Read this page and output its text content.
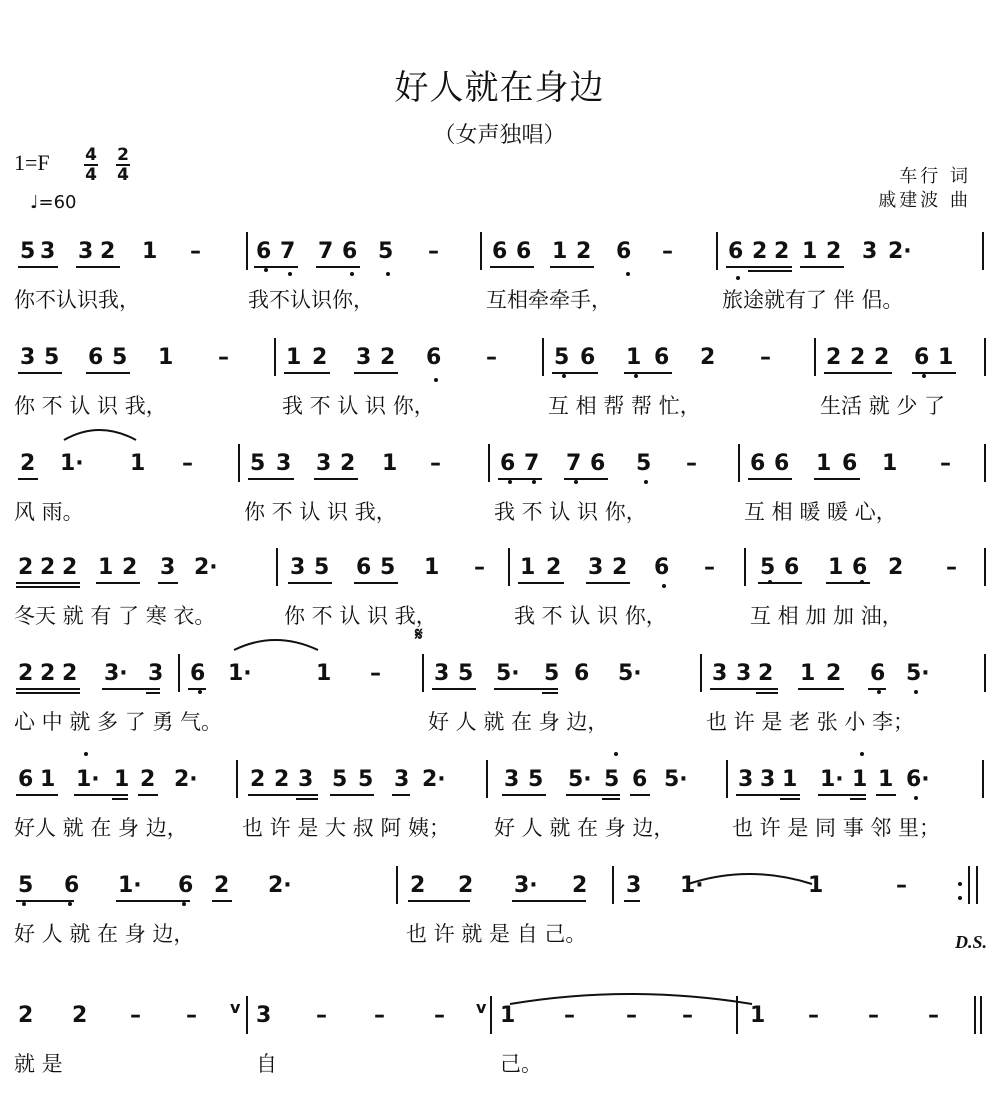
好人就在身边
（女声独唱）
1=F 4
4
2
4
♩=60
车行 词
戚建波 曲
5 3 3 2 1 –	6 7 7 6 5 – 6 6 1 2 6 –	6 2 2 1 2 3 2·
你不认识我，	我不认识你，	互相牵牵手，	旅途就有了 伴 侣。
3 5 6 5 1 –	1 2 3 2 6 –	5 6 1 6 2 –	2 2 2 6 1
你 不 认 识 我，	我 不 认 识 你，	互 相 帮 帮 忙，	生活 就 少 了
2 1· 1 –	5 3 3 2 1 –	6 7 7 6 5 – 6 6 1 6 1 –
风 雨。	你 不 认 识 我，	我 不 认 识 你，	互 相 暖 暖 心，
2 2 2 1 2 3 2·	3 5 6 5 1 – 1 2 3 2 6 – 5 6 1 6 2 –
冬天 就 有 了 寒 衣。	你 不 认 识 我，	我 不 认 识 你，	互 相 加 加 油，
2 2 2 3· 3 6 1·	1 – 3 5 5· 5 6 5·	3 3 2 1 2 6 5·
心 中 就 多 了 勇 气。	好 人 就 在 身 边，	也 许 是 老 张 小 李；
6 1 1· 1 2 2· 2 2 3 5 5 3 2·	3 5 5· 5 6 5· 3 3 1 1· 1 1 6·
好人 就 在 身 边，	也 许 是 大 叔 阿 姨； 好 人 就 在 身 边，	也 许 是 同 事 邻 里；
5 6 1· 6 2 2·	2 2 3· 2 3 1·	1	–
好 人 就 在 身 边，	也 许 就 是 自 己。
2 2 – –	3 – – –	1 – – –	1 – – –
就 是	自	己。
v	v
𝄋
D.S.
